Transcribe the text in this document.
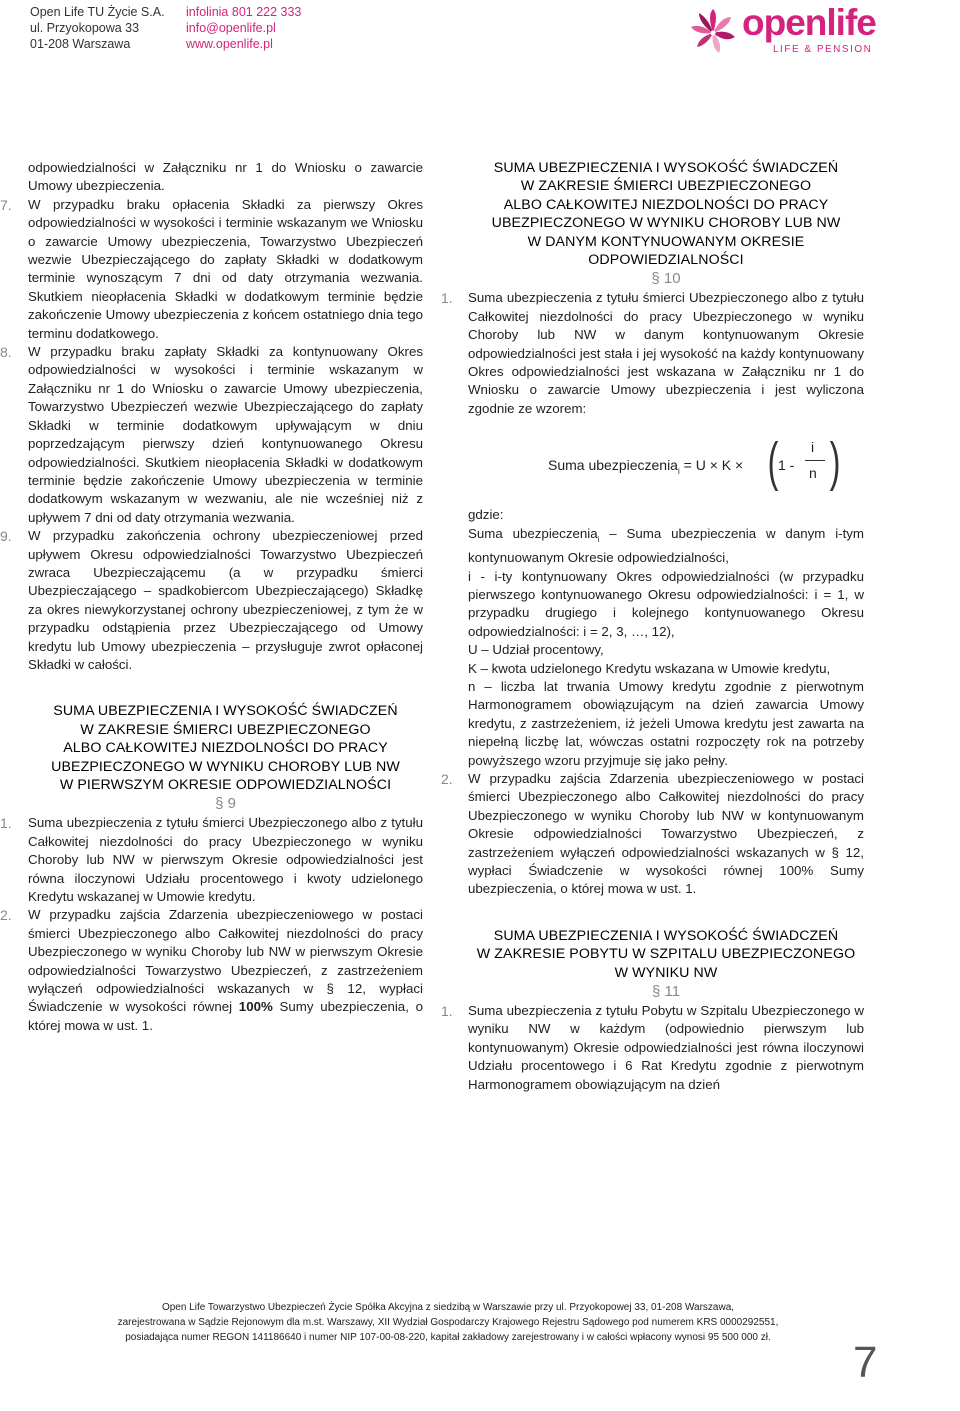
Open Life TU Życie S.A.
ul. Przyokopowa 33
01-208 Warszawa
infolinia 801 222 333
info@openlife.pl
www.openlife.pl
openlife
LIFE & PENSION
odpowiedzialności w Załączniku nr 1 do Wniosku o zawarcie Umowy ubezpieczenia.
7.	W przypadku braku opłacenia Składki za pierwszy Okres odpowiedzialności w wysokości i terminie wskazanym we Wniosku o zawarcie Umowy ubezpieczenia, Towarzystwo Ubezpieczeń wezwie Ubezpieczającego do zapłaty Składki w dodatkowym terminie wynoszącym 7 dni od daty otrzymania wezwania. Skutkiem nieopłacenia Składki w dodatkowym terminie będzie zakończenie Umowy ubezpieczenia z końcem ostatniego dnia tego terminu dodatkowego.
8.	W przypadku braku zapłaty Składki za kontynuowany Okres odpowiedzialności w wysokości i terminie wskazanym w Załączniku nr 1 do Wniosku o zawarcie Umowy ubezpieczenia, Towarzystwo Ubezpieczeń wezwie Ubezpieczającego do zapłaty Składki w terminie dodatkowym upływającym w dniu poprzedzającym pierwszy dzień kontynuowanego Okresu odpowiedzialności. Skutkiem nieopłacenia Składki w dodatkowym terminie będzie zakończenie Umowy ubezpieczenia w terminie dodatkowym wskazanym w wezwaniu, ale nie wcześniej niż z upływem 7 dni od daty otrzymania wezwania.
9.	W przypadku zakończenia ochrony ubezpieczeniowej przed upływem Okresu odpowiedzialności Towarzystwo Ubezpieczeń zwraca Ubezpieczającemu (a w przypadku śmierci Ubezpieczającego – spadkobiercom Ubezpieczającego) Składkę za okres niewykorzystanej ochrony ubezpieczeniowej, z tym że w przypadku odstąpienia przez Ubezpieczającego od Umowy kredytu lub Umowy ubezpieczenia – przysługuje zwrot opłaconej Składki w całości.
SUMA UBEZPIECZENIA I WYSOKOŚĆ ŚWIADCZEŃ
W ZAKRESIE ŚMIERCI UBEZPIECZONEGO
ALBO CAŁKOWITEJ NIEZDOLNOŚCI DO PRACY
UBEZPIECZONEGO W WYNIKU CHOROBY LUB NW
W PIERWSZYM OKRESIE ODPOWIEDZIALNOŚCI
§ 9
1.	Suma ubezpieczenia z tytułu śmierci Ubezpieczonego albo z tytułu Całkowitej niezdolności do pracy Ubezpieczonego w wyniku Choroby lub NW w pierwszym Okresie odpowiedzialności jest równa iloczynowi Udziału procentowego i kwoty udzielonego Kredytu wskazanej w Umowie kredytu.
2.	W przypadku zajścia Zdarzenia ubezpieczeniowego w postaci śmierci Ubezpieczonego albo Całkowitej niezdolności do pracy Ubezpieczonego w wyniku Choroby lub NW w pierwszym Okresie odpowiedzialności Towarzystwo Ubezpieczeń, z zastrzeżeniem wyłączeń odpowiedzialności wskazanych w § 12, wypłaci Świadczenie w wysokości równej 100% Sumy ubezpieczenia, o której mowa w ust. 1.
SUMA UBEZPIECZENIA I WYSOKOŚĆ ŚWIADCZEŃ
W ZAKRESIE ŚMIERCI UBEZPIECZONEGO
ALBO CAŁKOWITEJ NIEZDOLNOŚCI DO PRACY
UBEZPIECZONEGO W WYNIKU CHOROBY LUB NW
W DANYM KONTYNUOWANYM OKRESIE
ODPOWIEDZIALNOŚCI
§ 10
1.	Suma ubezpieczenia z tytułu śmierci Ubezpieczonego albo z tytułu Całkowitej niezdolności do pracy Ubezpieczonego w wyniku Choroby lub NW w danym kontynuowanym Okresie odpowiedzialności jest stała i jej wysokość na każdy kontynuowany Okres odpowiedzialności jest wskazana w Załączniku nr 1 do Wniosku o zawarcie Umowy ubezpieczenia i jest wyliczona zgodnie ze wzorem:
Suma ubezpieczenia$_i$ = U × K × ( 1 -
i
n )
gdzie:
Suma ubezpieczenia$_i$ – Suma ubezpieczenia w danym i-tym kontynuowanym Okresie odpowiedzialności,
i - i-ty kontynuowany Okres odpowiedzialności (w przypadku pierwszego kontynuowanego Okresu odpowiedzialności: i = 1, w przypadku drugiego i kolejnego kontynuowanego Okresu odpowiedzialności: i = 2, 3, …, 12),
U – Udział procentowy,
K – kwota udzielonego Kredytu wskazana w Umowie kredytu,
n – liczba lat trwania Umowy kredytu zgodnie z pierwotnym Harmonogramem obowiązującym na dzień zawarcia Umowy kredytu, z zastrzeżeniem, iż jeżeli Umowa kredytu jest zawarta na niepełną liczbę lat, wówczas ostatni rozpoczęty rok na potrzeby powyższego wzoru przyjmuje się jako pełny.
2.	W przypadku zajścia Zdarzenia ubezpieczeniowego w postaci śmierci Ubezpieczonego albo Całkowitej niezdolności do pracy Ubezpieczonego w wyniku Choroby lub NW w kontynuowanym Okresie odpowiedzialności Towarzystwo Ubezpieczeń, z zastrzeżeniem wyłączeń odpowiedzialności wskazanych w § 12, wypłaci Świadczenie w wysokości równej 100% Sumy ubezpieczenia, o której mowa w ust. 1.
SUMA UBEZPIECZENIA I WYSOKOŚĆ ŚWIADCZEŃ
W ZAKRESIE POBYTU W SZPITALU UBEZPIECZONEGO
W WYNIKU NW
§ 11
1.	Suma ubezpieczenia z tytułu Pobytu w Szpitalu Ubezpieczonego w wyniku NW w każdym (odpowiednio pierwszym lub kontynuowanym) Okresie odpowiedzialności jest równa iloczynowi Udziału procentowego i 6 Rat Kredytu zgodnie z pierwotnym Harmonogramem obowiązującym na dzień
Open Life Towarzystwo Ubezpieczeń Życie Spółka Akcyjna z siedzibą w Warszawie przy ul. Przyokopowej 33, 01-208 Warszawa,
zarejestrowana w Sądzie Rejonowym dla m.st. Warszawy, XII Wydział Gospodarczy Krajowego Rejestru Sądowego pod numerem KRS 0000292551,
posiadająca numer REGON 141186640 i numer NIP 107-00-08-220, kapitał zakładowy zarejestrowany i w całości wpłacony wynosi 95 500 000 zł.
7
